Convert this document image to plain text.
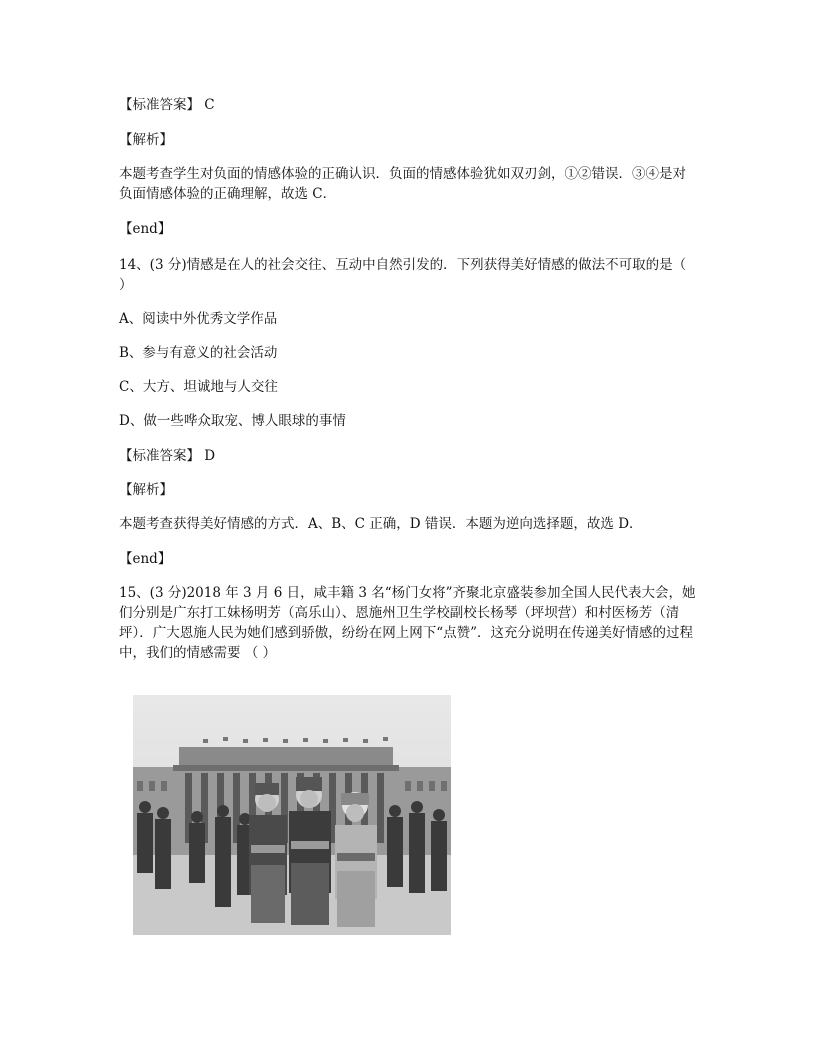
【标准答案】 C
【解析】
本题考查学生对负面的情感体验的正确认识．负面的情感体验犹如双刃剑，①②错误．③④是对负面情感体验的正确理解，故选 C．
【end】
14、(3 分)情感是在人的社会交往、互动中自然引发的．下列获得美好情感的做法不可取的是（ ）
A、阅读中外优秀文学作品
B、参与有意义的社会活动
C、大方、坦诚地与人交往
D、做一些哗众取宠、博人眼球的事情
【标准答案】 D
【解析】
本题考查获得美好情感的方式．A、B、C 正确，D 错误．本题为逆向选择题，故选 D．
【end】
15、(3 分)2018 年 3 月 6 日，咸丰籍 3 名“杨门女将”齐聚北京盛装参加全国人民代表大会，她们分别是广东打工妹杨明芳（高乐山）、恩施州卫生学校副校长杨琴（坪坝营）和村医杨芳（清坪）．广大恩施人民为她们感到骄傲，纷纷在网上网下“点赞”．这充分说明在传递美好情感的过程中，我们的情感需要 （ ）
